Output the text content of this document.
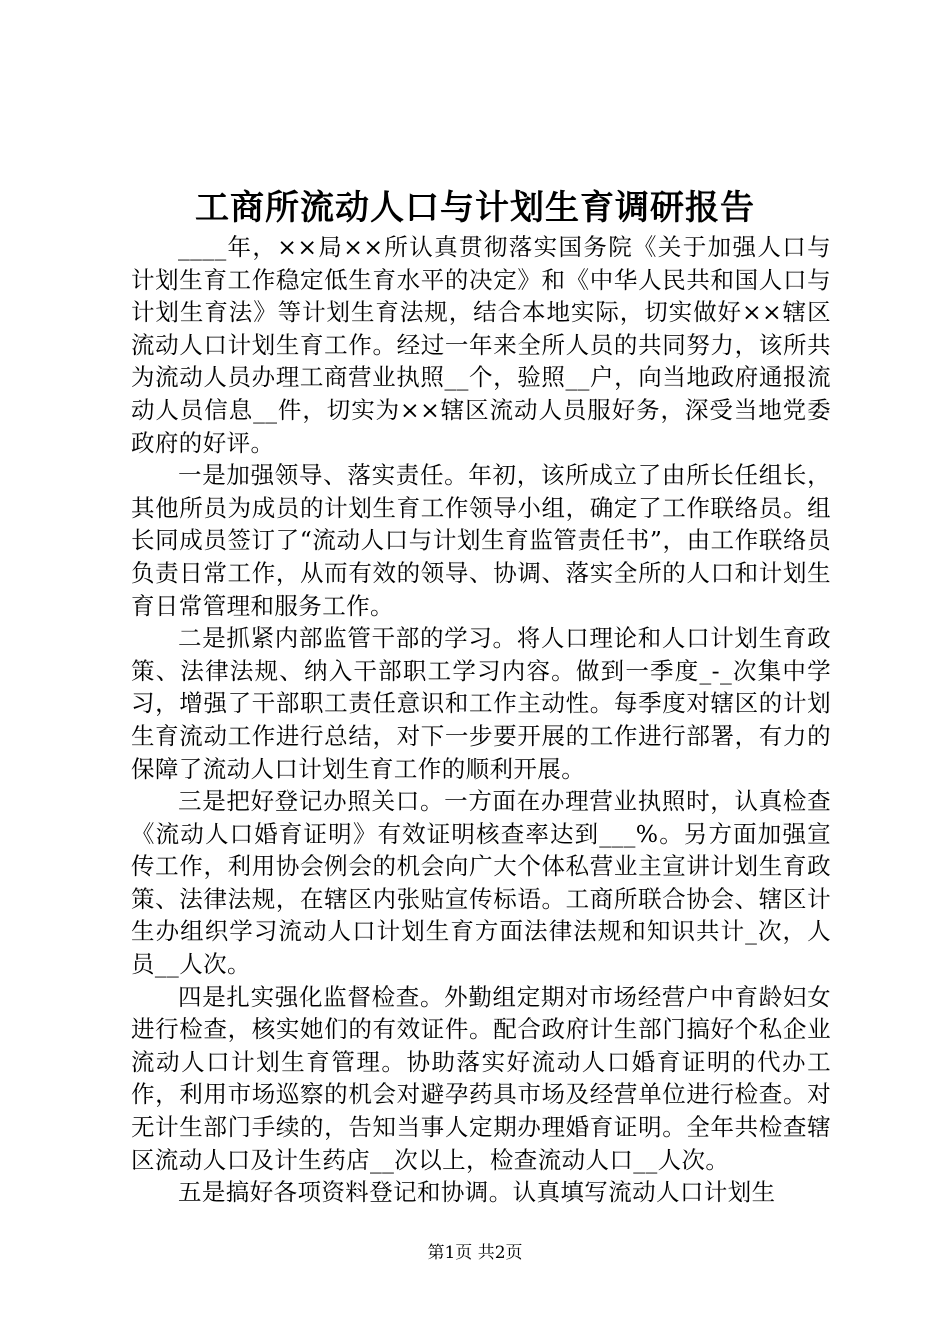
工商所流动人口与计划生育调研报告

____年，××局××所认真贯彻落实国务院《关于加强人口与计划生育工作稳定低生育水平的决定》和《中华人民共和国人口与计划生育法》等计划生育法规，结合本地实际，切实做好××辖区流动人口计划生育工作。经过一年来全所人员的共同努力，该所共为流动人员办理工商营业执照__个，验照__户，向当地政府通报流动人员信息__件，切实为××辖区流动人员服好务，深受当地党委政府的好评。

一是加强领导、落实责任。年初，该所成立了由所长任组长，其他所员为成员的计划生育工作领导小组，确定了工作联络员。组长同成员签订了“流动人口与计划生育监管责任书”，由工作联络员负责日常工作，从而有效的领导、协调、落实全所的人口和计划生育日常管理和服务工作。

二是抓紧内部监管干部的学习。将人口理论和人口计划生育政策、法律法规、纳入干部职工学习内容。做到一季度_-_次集中学习，增强了干部职工责任意识和工作主动性。每季度对辖区的计划生育流动工作进行总结，对下一步要开展的工作进行部署，有力的保障了流动人口计划生育工作的顺利开展。

三是把好登记办照关口。一方面在办理营业执照时，认真检查《流动人口婚育证明》有效证明核查率达到___%。另方面加强宣传工作，利用协会例会的机会向广大个体私营业主宣讲计划生育政策、法律法规，在辖区内张贴宣传标语。工商所联合协会、辖区计生办组织学习流动人口计划生育方面法律法规和知识共计_次，人员__人次。

四是扎实强化监督检查。外勤组定期对市场经营户中育龄妇女进行检查，核实她们的有效证件。配合政府计生部门搞好个私企业流动人口计划生育管理。协助落实好流动人口婚育证明的代办工作，利用市场巡察的机会对避孕药具市场及经营单位进行检查。对无计生部门手续的，告知当事人定期办理婚育证明。全年共检查辖区流动人口及计生药店__次以上，检查流动人口__人次。

五是搞好各项资料登记和协调。认真填写流动人口计划生

第1页 共2页
